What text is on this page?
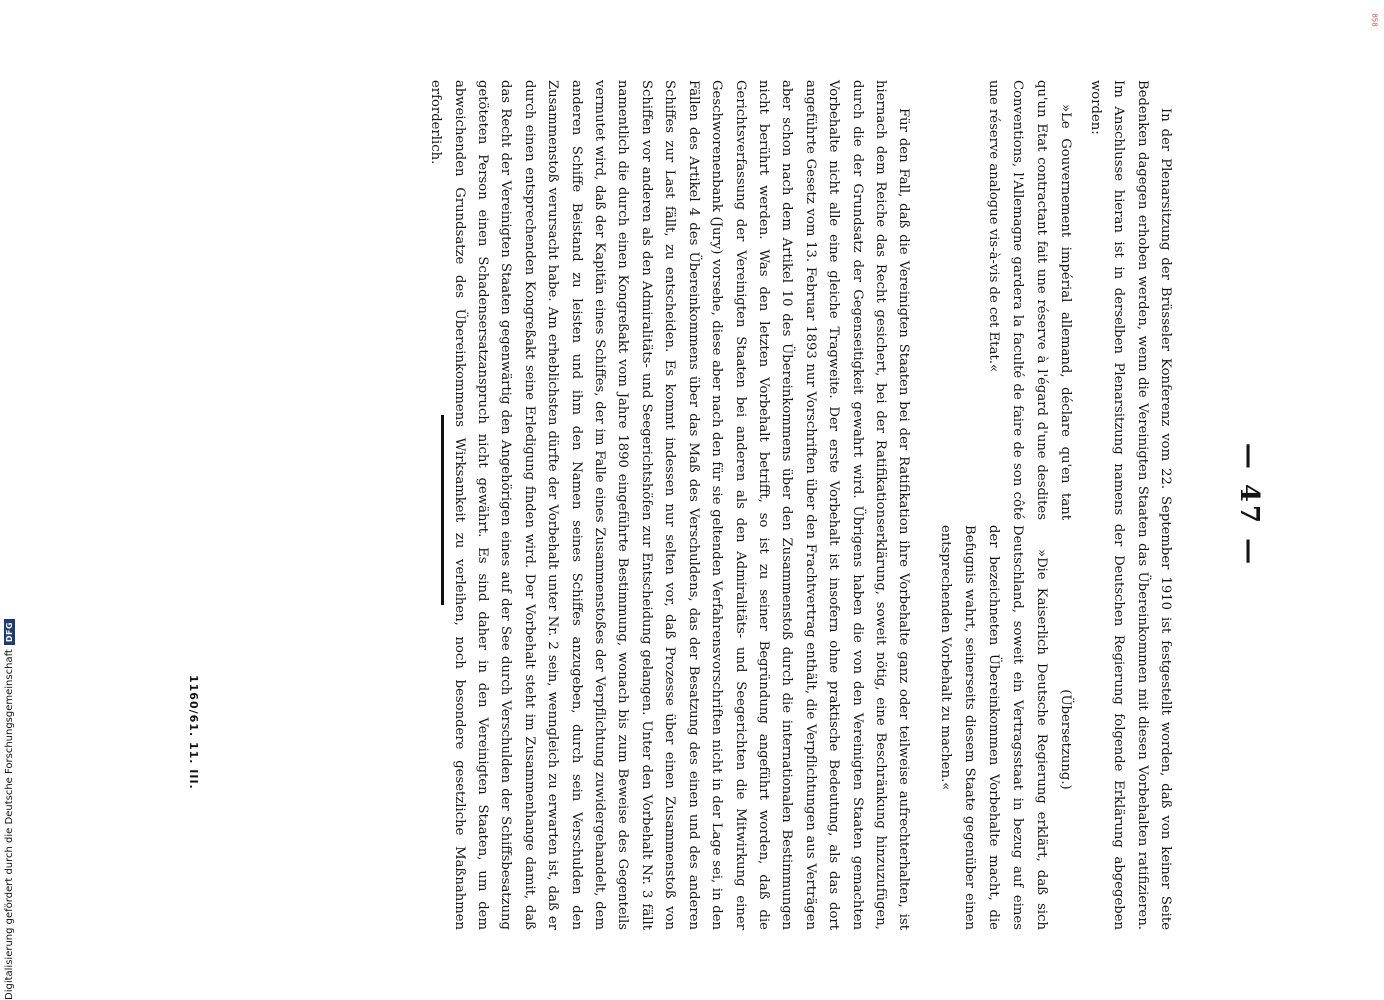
858
Digitalisierung gefördert durch die Deutsche Forschungsgemeinschaft
DFG
— 47 —

In der Plenarsitzung der Brüsseler Konferenz vom 22. September 1910 ist festgestellt worden, daß von keiner Seite Bedenken dagegen erhoben werden, wenn die Vereinigten Staaten das Übereinkommen mit diesen Vorbehalten ratifizieren. Im Anschlusse hieran ist in derselben Plenarsitzung namens der Deutschen Regierung folgende Erklärung abgegeben worden:

»Le Gouvernement impérial allemand, déclare qu'en tant qu'un Etat contractant fait une réserve à l'égard d'une desdites Conventions, l'Allemagne gardera la faculté de faire de son côté une réserve analogue vis-à-vis de cet Etat.«

(Übersetzung.)

»Die Kaiserlich Deutsche Regierung erklärt, daß sich Deutschland, soweit ein Vertragsstaat in bezug auf eines der bezeichneten Übereinkommen Vorbehalte macht, die Befugnis wahrt, seinerseits diesem Staate gegenüber einen entsprechenden Vorbehalt zu machen.«

Für den Fall, daß die Vereinigten Staaten bei der Ratifikation ihre Vorbehalte ganz oder teilweise aufrechterhalten, ist hiernach dem Reiche das Recht gesichert, bei der Ratifikationserklärung, soweit nötig, eine Beschränkung hinzuzufügen, durch die der Grundsatz der Gegenseitigkeit gewahrt wird. Übrigens haben die von den Vereinigten Staaten gemachten Vorbehalte nicht alle eine gleiche Tragweite. Der erste Vorbehalt ist insofern ohne praktische Bedeutung, als das dort angeführte Gesetz vom 13. Februar 1893 nur Vorschriften über den Frachtvertrag enthält, die Verpflichtungen aus Verträgen aber schon nach dem Artikel 10 des Übereinkommens über den Zusammenstoß durch die internationalen Bestimmungen nicht berührt werden. Was den letzten Vorbehalt betrifft, so ist zu seiner Begründung angeführt worden, daß die Gerichtsverfassung der Vereinigten Staaten bei anderen als den Admiralitäts- und Seegerichten die Mitwirkung einer Geschworenenbank (Jury) vorsehe, diese aber nach den für sie geltenden Verfahrensvorschriften nicht in der Lage sei, in den Fällen des Artikel 4 des Übereinkommens über das Maß des Verschuldens, das der Besatzung des einen und des anderen Schiffes zur Last fällt, zu entscheiden. Es kommt indessen nur selten vor, daß Prozesse über einen Zusammenstoß von Schiffen vor anderen als den Admiralitäts- und Seegerichtshöfen zur Entscheidung gelangen. Unter den Vorbehalt Nr. 3 fällt namentlich die durch einen Kongreßakt vom Jahre 1890 eingeführte Bestimmung, wonach bis zum Beweise des Gegenteils vermutet wird, daß der Kapitän eines Schiffes, der im Falle eines Zusammenstoßes der Verpflichtung zuwidergehandelt, dem anderen Schiffe Beistand zu leisten und ihm den Namen seines Schiffes anzugeben, durch sein Verschulden den Zusammenstoß verursacht habe. Am erheblichsten dürfte der Vorbehalt unter Nr. 2 sein, wenngleich zu erwarten ist, daß er durch einen entsprechenden Kongreßakt seine Erledigung finden wird. Der Vorbehalt steht im Zusammenhange damit, daß das Recht der Vereinigten Staaten gegenwärtig den Angehörigen eines auf der See durch Verschulden der Schiffsbesatzung getöteten Person einen Schadensersatzanspruch nicht gewährt. Es sind daher in den Vereinigten Staaten, um dem abweichenden Grundsatze des Übereinkommens Wirksamkeit zu verleihen, noch besondere gesetzliche Maßnahmen erforderlich.

1160/61. 11. III.
